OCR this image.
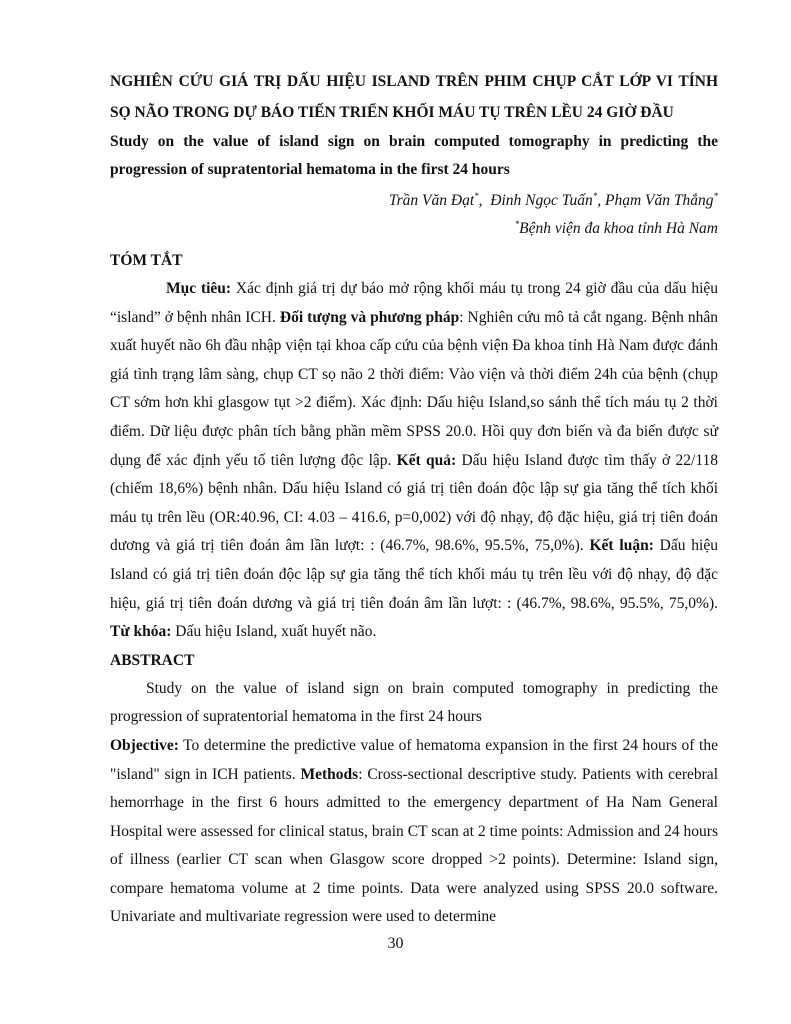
NGHIÊN CỨU GIÁ TRỊ DẤU HIỆU ISLAND TRÊN PHIM CHỤP CẮT LỚP VI TÍNH SỌ NÃO TRONG DỰ BÁO TIẾN TRIỂN KHỐI MÁU TỤ TRÊN LỀU 24 GIỜ ĐẦU
Study on the value of island sign on brain computed tomography in predicting the progression of supratentorial hematoma in the first 24 hours
Trần Văn Đạt*,  Đinh Ngọc Tuấn*, Phạm Văn Thắng*
*Bệnh viện đa khoa tỉnh Hà Nam
TÓM TẮT
Mục tiêu: Xác định giá trị dự báo mở rộng khối máu tụ trong 24 giờ đầu của dấu hiệu “island” ở bệnh nhân ICH. Đối tượng và phương pháp: Nghiên cứu mô tả cắt ngang. Bệnh nhân xuất huyết não 6h đầu nhập viện tại khoa cấp cứu của bệnh viện Đa khoa tỉnh Hà Nam được đánh giá tình trạng lâm sàng, chụp CT sọ não 2 thời điểm: Vào viện và thời điểm 24h của bệnh (chụp CT sớm hơn khi glasgow tụt >2 điểm). Xác định: Dấu hiệu Island,so sánh thể tích máu tụ 2 thời điểm. Dữ liệu được phân tích bằng phần mềm SPSS 20.0. Hồi quy đơn biến và đa biến được sử dụng để xác định yếu tố tiên lượng độc lập. Kết quả: Dấu hiệu Island được tìm thấy ở 22/118 (chiếm 18,6%) bệnh nhân. Dấu hiệu Island có giá trị tiên đoán độc lập sự gia tăng thể tích khối máu tụ trên lều (OR:40.96, CI: 4.03 – 416.6, p=0,002) với độ nhạy, độ đặc hiệu, giá trị tiên đoán dương và giá trị tiên đoán âm lần lượt: : (46.7%, 98.6%, 95.5%, 75,0%). Kết luận: Dấu hiệu Island có giá trị tiên đoán độc lập sự gia tăng thể tích khối máu tụ trên lều với độ nhạy, độ đặc hiệu, giá trị tiên đoán dương và giá trị tiên đoán âm lần lượt: : (46.7%, 98.6%, 95.5%, 75,0%). Từ khóa: Dấu hiệu Island, xuất huyết não.
ABSTRACT
Study on the value of island sign on brain computed tomography in predicting the progression of supratentorial hematoma in the first 24 hours
Objective: To determine the predictive value of hematoma expansion in the first 24 hours of the "island" sign in ICH patients. Methods: Cross-sectional descriptive study. Patients with cerebral hemorrhage in the first 6 hours admitted to the emergency department of Ha Nam General Hospital were assessed for clinical status, brain CT scan at 2 time points: Admission and 24 hours of illness (earlier CT scan when Glasgow score dropped >2 points). Determine: Island sign, compare hematoma volume at 2 time points. Data were analyzed using SPSS 20.0 software. Univariate and multivariate regression were used to determine
30
